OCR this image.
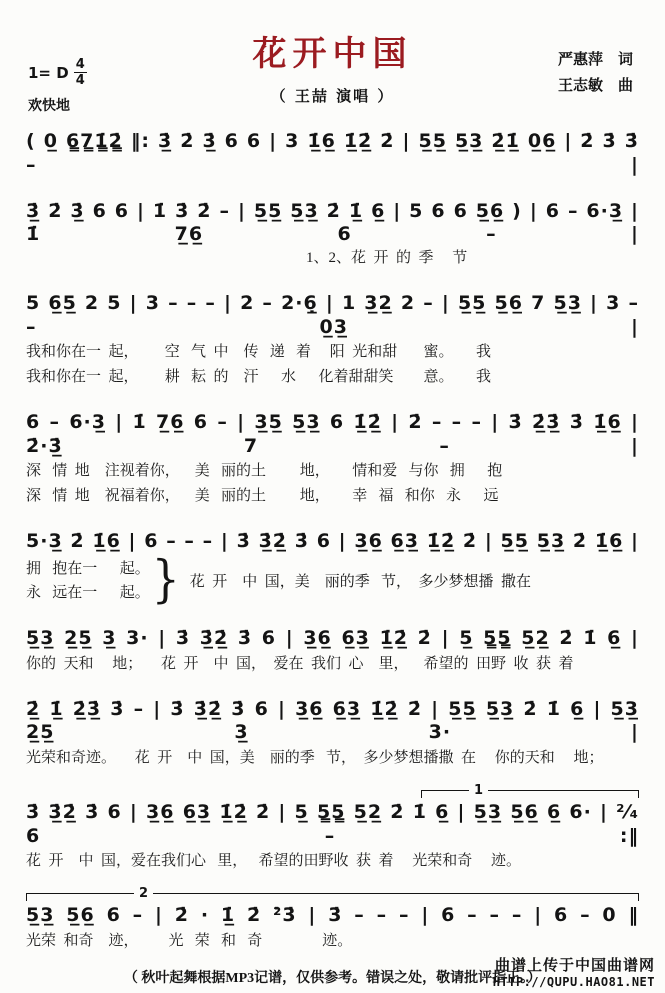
1= D $\frac{4}{4}$
欢快地
花开中国
（ 王喆 演唱 ）
严惠萍　词
王志敏　曲
( 0̲ 6̳7̳1̳̇2̳̇ ‖: 3̲̇ 2̇ 3̲̇ 6 6 | 3 1̲̇6̲ 1̲̇2̲̇ 2̇ | 5̲5̲ 5̲3̲ 2̲̇1̲̇ 0̲6̲ | 2̇ 3̇ 3̇ – |
3̲̇ 2̇ 3̲̇ 6 6 | 1̇ 3̇ 2̇ – | 5̲5̲ 5̲3̲ 2̇ 1̲̇ 6̲ | 5 6 6 5̲6̲ ) | 6 – 6·3̲ | 1̇ 7̲6̲ 6 – |
1、2、花  开  的  季     节
5 6̲5̲ 2 5 | 3 – – – | 2 – 2·6̲̣ | 1 3̲2̲ 2 – | 5̲5̲ 5̲6̲ 7 5̲3̲ | 3 – – 0̲3̲ |
我和你在一  起，       空   气  中    传   递   着     阳  光和甜       蜜。      我
我和你在一  起，       耕   耘  的    汗      水      化着甜甜笑        意。      我
6 – 6·3̲ | 1̇ 7̲6̲ 6 – | 3̲5̲ 5̲3̲ 6 1̲̇2̲̇ | 2̇ – – – | 3̇ 2̲̇3̲̇ 3̇ 1̲̇6̲ | 2̇·3̲̇ 7 – |
深   情  地    注视着你，    美   丽的土         地，      情和爱   与你   拥      抱
深   情  地    祝福着你，    美   丽的土         地，      幸   福   和你   永      远
5·3̲ 2̇ 1̲̇6̲ | 6 – – – | 3̇ 3̲̇2̲̇ 3̇ 6 | 3̲6̲ 6̲3̲ 1̲̇2̲̇ 2̇ | 5̲5̲ 5̲3̲ 2̇ 1̲̇6̲ |
拥   抱在一      起。
永   远在一      起。 } 花  开    中  国，美    丽的季   节，  多少梦想播  撒在
5̲3̲ 2̲5̲ 3̲ 3· | 3̇ 3̲̇2̲̇ 3̇ 6 | 3̲6̲ 6̲3̲ 1̲̇2̲̇ 2̇ | 5̲ 5̳5̳ 5̲2̲ 2̇ 1̇ 6̲ |
你的  天和     地；     花  开    中  国，  爱在  我们  心    里，    希望的  田野  收  获  着
2̲̇ 1̲̇ 2̲̇3̲̇ 3̇ – | 3̇ 3̲̇2̲̇ 3̇ 6 | 3̲6̲ 6̲3̲ 1̲̇2̲̇ 2̇ | 5̲5̲ 5̲3̲ 2̇ 1̇ 6̲ | 5̲3̲ 2̲5̲ 3̲ 3· |
光荣和奇迹。     花  开    中  国，美    丽的季   节，  多少梦想播撒  在     你的天和     地；
1
3̇ 3̲̇2̲̇ 3̇ 6 | 3̲6̲ 6̲3̲ 1̲̇2̲̇ 2̇ | 5̲ 5̳5̳ 5̲2̲ 2̇ 1̇ 6̲ | 5̲3̲ 5̲6̲ 6̲ 6· | ²⁄₄ 6 – :‖
花  开    中  国，爱在我们心   里，   希望的田野收  获  着     光荣和奇     迹。
2
5̲3̲ 5̲6̲ 6 – | 2̇ · 1̲̇ 2̇ ²̇3̇ | 3̇ – – – | 6 – – – | 6 – 0 ‖
光荣  和奇    迹，        光   荣   和   奇                迹。
（ 秋叶起舞根据MP3记谱，仅供参考。错误之处，敬请批评指正。）
曲谱上传于中国曲谱网
HTTP://QUPU.HAO81.NET
